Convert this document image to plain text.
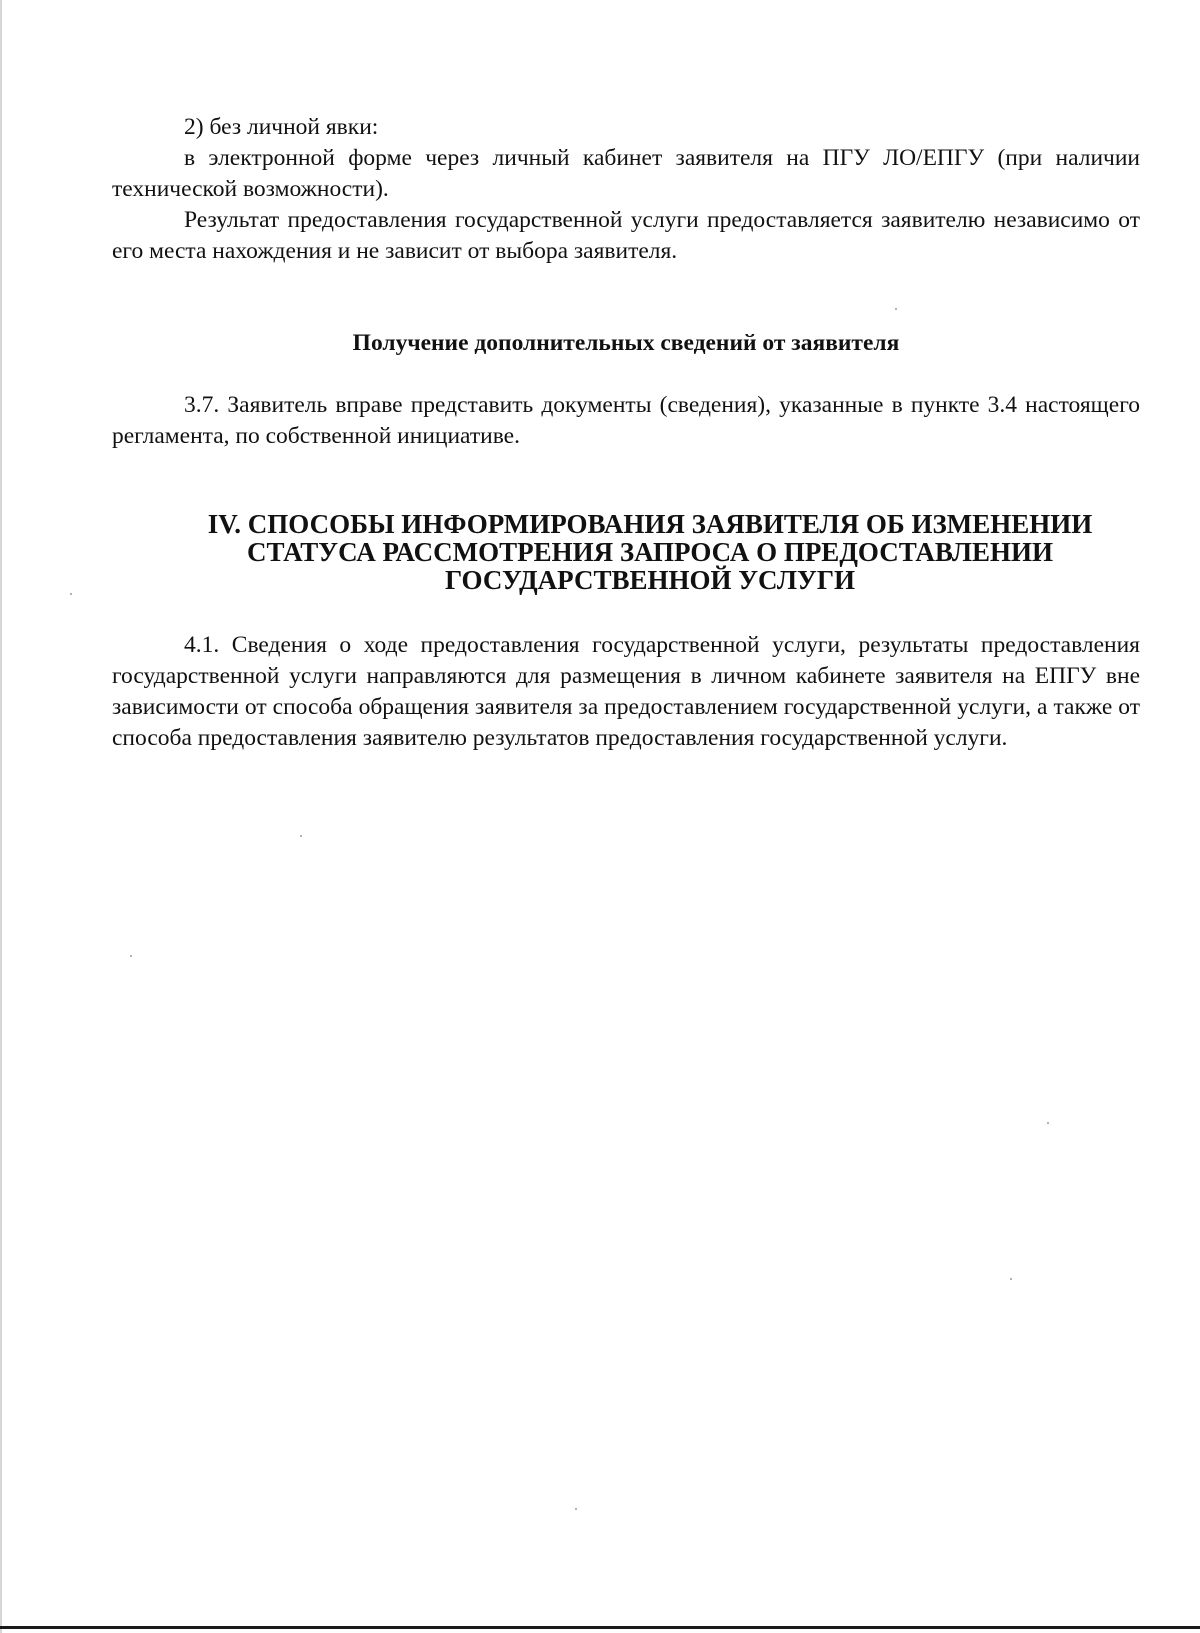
2) без личной явки:

в электронной форме через личный кабинет заявителя на ПГУ ЛО/ЕПГУ (при наличии технической возможности).

Результат предоставления государственной услуги предоставляется заявителю независимо от его места нахождения и не зависит от выбора заявителя.

Получение дополнительных сведений от заявителя

3.7. Заявитель вправе представить документы (сведения), указанные в пункте 3.4 настоящего регламента, по собственной инициативе.

IV. СПОСОБЫ ИНФОРМИРОВАНИЯ ЗАЯВИТЕЛЯ ОБ ИЗМЕНЕНИИ
СТАТУСА РАССМОТРЕНИЯ ЗАПРОСА О ПРЕДОСТАВЛЕНИИ
ГОСУДАРСТВЕННОЙ УСЛУГИ

4.1. Сведения о ходе предоставления государственной услуги, результаты предоставления государственной услуги направляются для размещения в личном кабинете заявителя на ЕПГУ вне зависимости от способа обращения заявителя за предоставлением государственной услуги, а также от способа предоставления заявителю результатов предоставления государственной услуги.
